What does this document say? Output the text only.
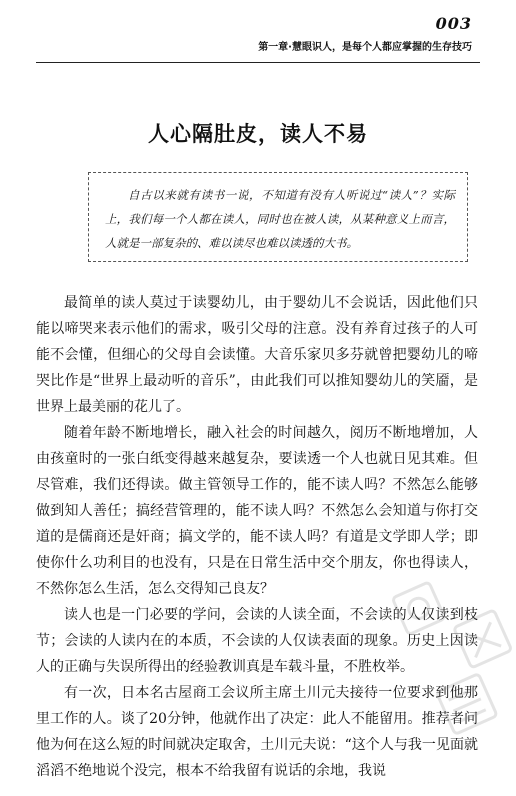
003
第一章·慧眼识人，是每个人都应掌握的生存技巧
人心隔肚皮，读人不易
自古以来就有读书一说，不知道有没有人听说过“读人”？实际上，我们每一个人都在读人，同时也在被人读，从某种意义上而言，人就是一部复杂的、难以读尽也难以读透的大书。

最简单的读人莫过于读婴幼儿，由于婴幼儿不会说话，因此他们只能以啼哭来表示他们的需求，吸引父母的注意。没有养育过孩子的人可能不会懂，但细心的父母自会读懂。大音乐家贝多芬就曾把婴幼儿的啼哭比作是“世界上最动听的音乐”，由此我们可以推知婴幼儿的笑靥，是世界上最美丽的花儿了。

随着年龄不断地增长，融入社会的时间越久，阅历不断地增加，人由孩童时的一张白纸变得越来越复杂，要读透一个人也就日见其难。但尽管难，我们还得读。做主管领导工作的，能不读人吗？不然怎么能够做到知人善任；搞经营管理的，能不读人吗？不然怎么会知道与你打交道的是儒商还是奸商；搞文学的，能不读人吗？有道是文学即人学；即使你什么功利目的也没有，只是在日常生活中交个朋友，你也得读人，不然你怎么生活，怎么交得知己良友？

读人也是一门必要的学问，会读的人读全面，不会读的人仅读到枝节；会读的人读内在的本质，不会读的人仅读表面的现象。历史上因读人的正确与失误所得出的经验教训真是车载斗量，不胜枚举。

有一次，日本名古屋商工会议所主席土川元夫接待一位要求到他那里工作的人。谈了20分钟，他就作出了决定：此人不能留用。推荐者问他为何在这么短的时间就决定取舍，土川元夫说：“这个人与我一见面就滔滔不绝地说个没完，根本不给我留有说话的余地，我说
